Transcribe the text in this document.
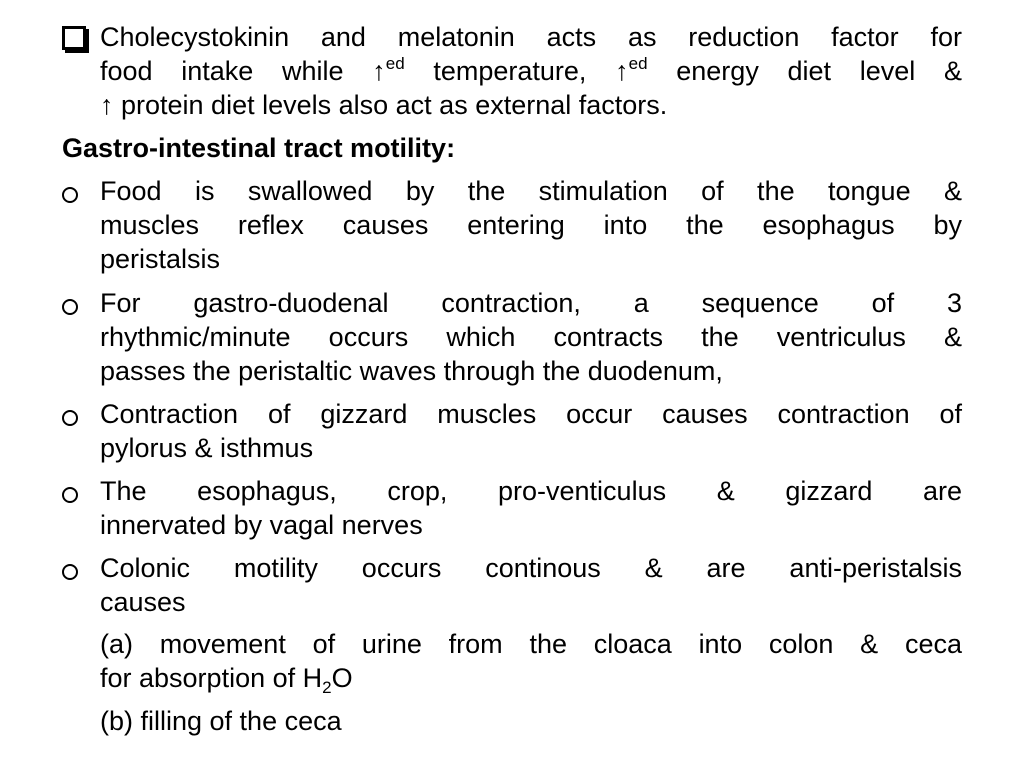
Cholecystokinin and melatonin acts as reduction factor for
food intake while ↑$^{ed}$ temperature, ↑$^{ed}$ energy diet level &
↑ protein diet levels also act as external factors.
Gastro-intestinal tract motility:
Food is swallowed by the stimulation of the tongue &
muscles reflex causes entering into the esophagus by
peristalsis
For gastro-duodenal contraction, a sequence of 3
rhythmic/minute occurs which contracts the ventriculus &
passes the peristaltic waves through the duodenum,
Contraction of gizzard muscles occur causes contraction of
pylorus & isthmus
The esophagus, crop, pro-venticulus & gizzard are
innervated by vagal nerves
Colonic motility occurs continous & are anti-peristalsis
causes
(a) movement of urine from the cloaca into colon & ceca
for absorption of $H_2O$
(b) filling of the ceca
